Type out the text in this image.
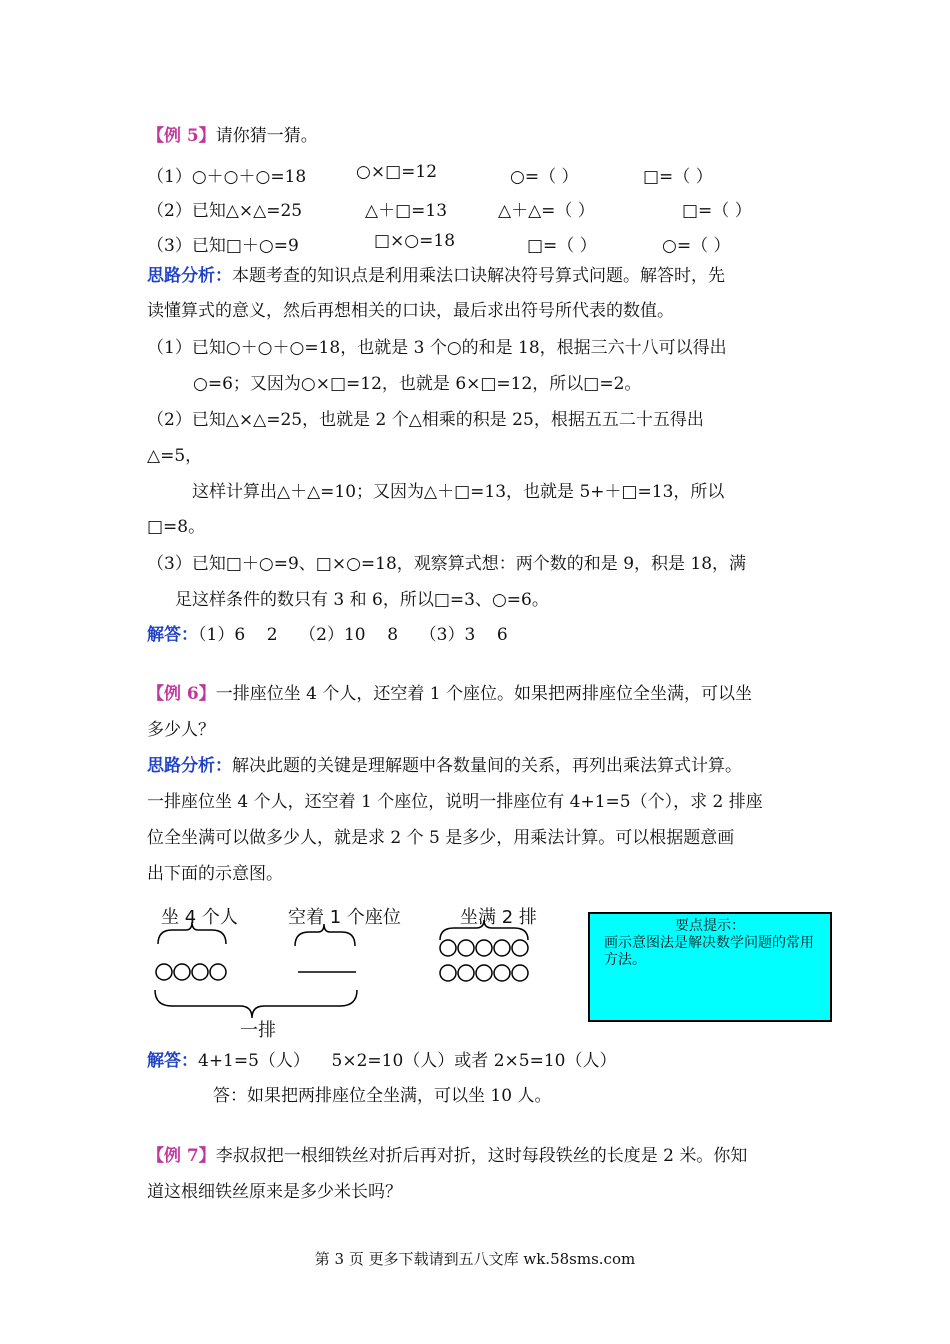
【例 5】请你猜一猜。
（1）○＋○＋○=18	○×□=12	○=（ ）	□=（ ）
（2）已知△×△=25	△＋□=13	△＋△=（ ）	□=（ ）
（3）已知□＋○=9	□×○=18	□=（ ）	○=（ ）
思路分析：本题考查的知识点是利用乘法口诀解决符号算式问题。解答时，先
读懂算式的意义，然后再想相关的口诀，最后求出符号所代表的数值。
（1）已知○＋○＋○=18，也就是 3 个○的和是 18，根据三六十八可以得出
○=6；又因为○×□=12，也就是 6×□=12，所以□=2。
（2）已知△×△=25，也就是 2 个△相乘的积是 25，根据五五二十五得出
△=5，
这样计算出△＋△=10；又因为△＋□=13，也就是 5+＋□=13，所以
□=8。
（3）已知□＋○=9、□×○=18，观察算式想：两个数的和是 9，积是 18，满
足这样条件的数只有 3 和 6，所以□=3、○=6。
解答：（1）6    2    （2）10    8    （3）3    6
【例 6】一排座位坐 4 个人，还空着 1 个座位。如果把两排座位全坐满，可以坐
多少人？
思路分析：解决此题的关键是理解题中各数量间的关系，再列出乘法算式计算。
一排座位坐 4 个人，还空着 1 个座位，说明一排座位有 4+1=5（个），求 2 排座
位全坐满可以做多少人，就是求 2 个 5 是多少，用乘法计算。可以根据题意画
出下面的示意图。
坐 4 个人	空着 1 个座位	坐满 2 排
一排
要点提示：
画示意图法是解决数学问题的常用方法。
解答：4+1=5（人）    5×2=10（人）或者 2×5=10（人）
答：如果把两排座位全坐满，可以坐 10 人。
【例 7】李叔叔把一根细铁丝对折后再对折，这时每段铁丝的长度是 2 米。你知
道这根细铁丝原来是多少米长吗？
第 3 页 更多下载请到五八文库 wk.58sms.com
